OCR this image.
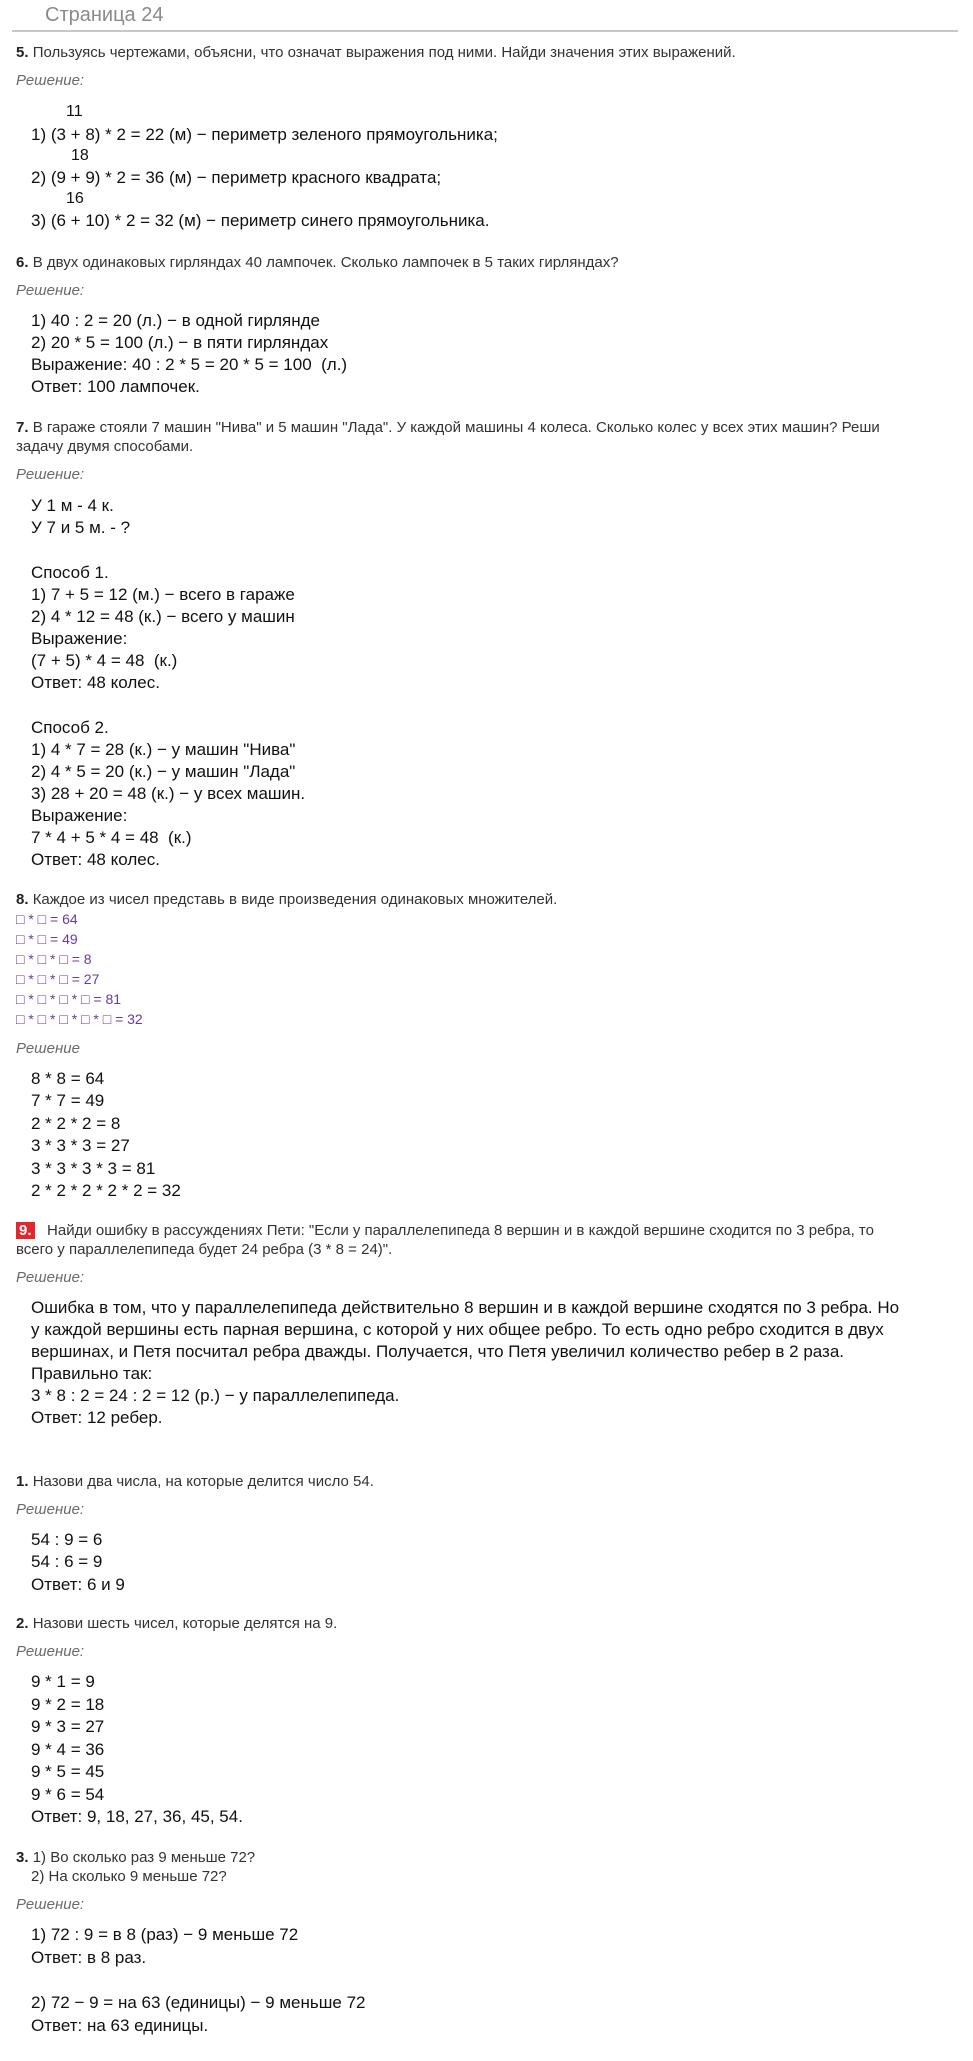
Страница 24
5. Пользуясь чертежами, объясни, что означат выражения под ними. Найди значения этих выражений.
Решение:
11
1) (3 + 8) * 2 = 22 (м) − периметр зеленого прямоугольника;
18
2) (9 + 9) * 2 = 36 (м) − периметр красного квадрата;
16
3) (6 + 10) * 2 = 32 (м) − периметр синего прямоугольника.
6. В двух одинаковых гирляндах 40 лампочек. Сколько лампочек в 5 таких гирляндах?
Решение:
1) 40 : 2 = 20 (л.) − в одной гирлянде
2) 20 * 5 = 100 (л.) − в пяти гирляндах
Выражение: 40 : 2 * 5 = 20 * 5 = 100  (л.)
Ответ: 100 лампочек.
7. В гараже стояли 7 машин "Нива" и 5 машин "Лада". У каждой машины 4 колеса. Сколько колес у всех этих машин? Реши
задачу двумя способами.
Решение:
У 1 м - 4 к.
У 7 и 5 м. - ?
Способ 1.
1) 7 + 5 = 12 (м.) − всего в гараже
2) 4 * 12 = 48 (к.) − всего у машин
Выражение:
(7 + 5) * 4 = 48  (к.)
Ответ: 48 колес.
Способ 2.
1) 4 * 7 = 28 (к.) − у машин "Нива"
2) 4 * 5 = 20 (к.) − у машин "Лада"
3) 28 + 20 = 48 (к.) − у всех машин.
Выражение:
7 * 4 + 5 * 4 = 48  (к.)
Ответ: 48 колес.
8. Каждое из чисел представь в виде произведения одинаковых множителей.
□ * □ = 64
□ * □ = 49
□ * □ * □ = 8
□ * □ * □ = 27
□ * □ * □ * □ = 81
□ * □ * □ * □ * □ = 32
Решение
8 * 8 = 64
7 * 7 = 49
2 * 2 * 2 = 8
3 * 3 * 3 = 27
3 * 3 * 3 * 3 = 81
2 * 2 * 2 * 2 * 2 = 32
9. Найди ошибку в рассуждениях Пети: "Если у параллелепипеда 8 вершин и в каждой вершине сходится по 3 ребра, то
всего у параллелепипеда будет 24 ребра (3 * 8 = 24)".
Решение:
Ошибка в том, что у параллелепипеда действительно 8 вершин и в каждой вершине сходятся по 3 ребра. Но
у каждой вершины есть парная вершина, с которой у них общее ребро. То есть одно ребро сходится в двух
вершинах, и Петя посчитал ребра дважды. Получается, что Петя увеличил количество ребер в 2 раза.
Правильно так:
3 * 8 : 2 = 24 : 2 = 12 (р.) − у параллелепипеда.
Ответ: 12 ребер.
1. Назови два числа, на которые делится число 54.
Решение:
54 : 9 = 6
54 : 6 = 9
Ответ: 6 и 9
2. Назови шесть чисел, которые делятся на 9.
Решение:
9 * 1 = 9
9 * 2 = 18
9 * 3 = 27
9 * 4 = 36
9 * 5 = 45
9 * 6 = 54
Ответ: 9, 18, 27, 36, 45, 54.
3. 1) Во сколько раз 9 меньше 72?
2) На сколько 9 меньше 72?
Решение:
1) 72 : 9 = в 8 (раз) − 9 меньше 72
Ответ: в 8 раз.
2) 72 − 9 = на 63 (единицы) − 9 меньше 72
Ответ: на 63 единицы.
